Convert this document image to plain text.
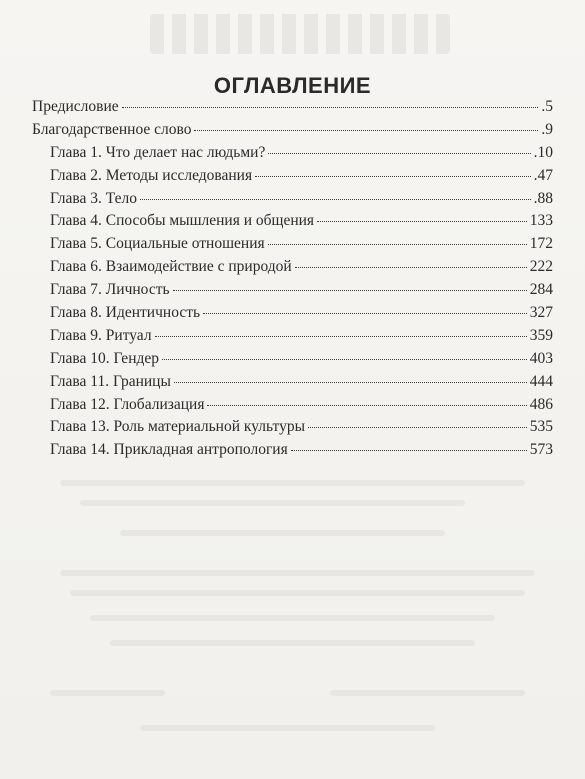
ОГЛАВЛЕНИЕ
Предисловие	.5
Благодарственное слово	.9
Глава 1. Что делает нас людьми?	.10
Глава 2. Методы исследования	.47
Глава 3. Тело	.88
Глава 4. Способы мышления и общения	133
Глава 5. Социальные отношения	172
Глава 6. Взаимодействие с природой	222
Глава 7. Личность	284
Глава 8. Идентичность	327
Глава 9. Ритуал	359
Глава 10. Гендер	403
Глава 11. Границы	444
Глава 12. Глобализация	486
Глава 13. Роль материальной культуры	535
Глава 14. Прикладная антропология	573
